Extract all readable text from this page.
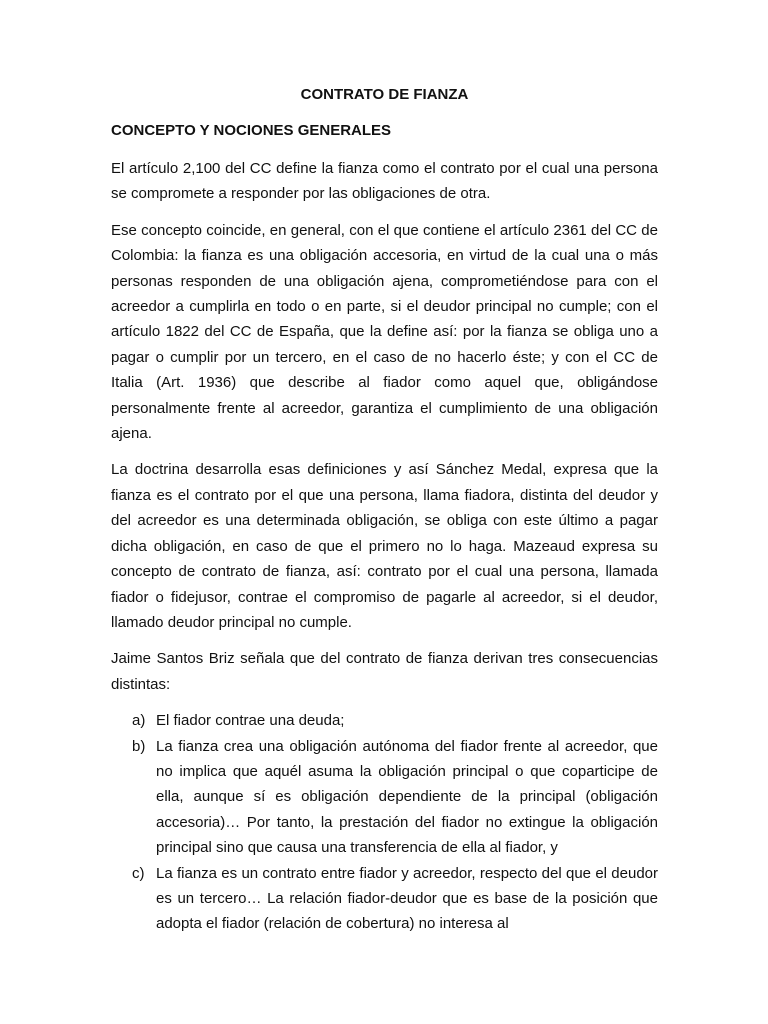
CONTRATO DE FIANZA
CONCEPTO Y NOCIONES GENERALES

El artículo 2,100 del CC define la fianza como el contrato por el cual una persona se compromete a responder por las obligaciones de otra.

Ese concepto coincide, en general, con el que contiene el artículo 2361 del CC de Colombia: la fianza es una obligación accesoria, en virtud de la cual una o más personas responden de una obligación ajena, comprometiéndose para con el acreedor a cumplirla en todo o en parte, si el deudor principal no cumple; con el artículo 1822 del CC de España, que la define así: por la fianza se obliga uno a pagar o cumplir por un tercero, en el caso de no hacerlo éste; y con el CC de Italia (Art. 1936) que describe al fiador como aquel que, obligándose personalmente frente al acreedor, garantiza el cumplimiento de una obligación ajena.

La doctrina desarrolla esas definiciones y así Sánchez Medal, expresa que la fianza es el contrato por el que una persona, llama fiadora, distinta del deudor y del acreedor es una determinada obligación, se obliga con este último a pagar dicha obligación, en caso de que el primero no lo haga. Mazeaud expresa su concepto de contrato de fianza, así: contrato por el cual una persona, llamada fiador o fidejusor, contrae el compromiso de pagarle al acreedor, si el deudor, llamado deudor principal no cumple.

Jaime Santos Briz señala que del contrato de fianza derivan tres consecuencias distintas:

a) El fiador contrae una deuda;
b) La fianza crea una obligación autónoma del fiador frente al acreedor, que no implica que aquél asuma la obligación principal o que coparticipe de ella, aunque sí es obligación dependiente de la principal (obligación accesoria)… Por tanto, la prestación del fiador no extingue la obligación principal sino que causa una transferencia de ella al fiador, y
c) La fianza es un contrato entre fiador y acreedor, respecto del que el deudor es un tercero… La relación fiador-deudor que es base de la posición que adopta el fiador (relación de cobertura) no interesa al
